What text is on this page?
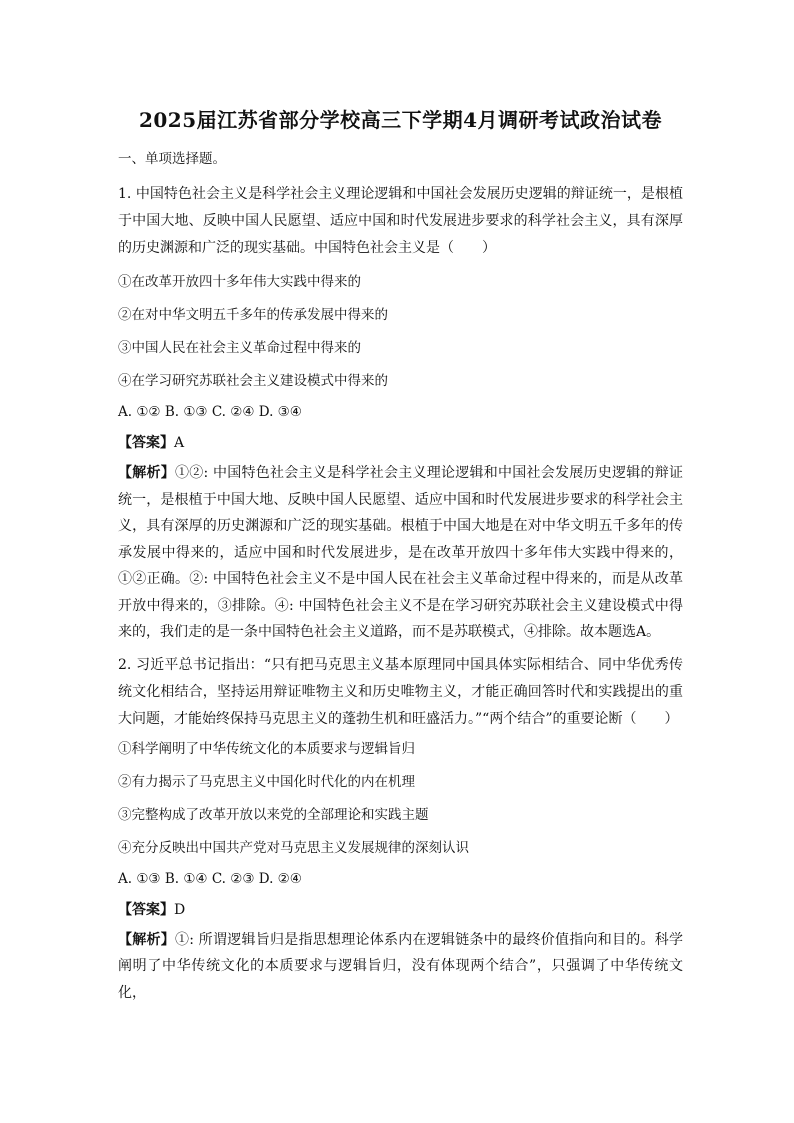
2025届江苏省部分学校高三下学期4月调研考试政治试卷

一、单项选择题。

1. 中国特色社会主义是科学社会主义理论逻辑和中国社会发展历史逻辑的辩证统一，是根植于中国大地、反映中国人民愿望、适应中国和时代发展进步要求的科学社会主义，具有深厚的历史渊源和广泛的现实基础。中国特色社会主义是（　　）

①在改革开放四十多年伟大实践中得来的

②在对中华文明五千多年的传承发展中得来的

③中国人民在社会主义革命过程中得来的

④在学习研究苏联社会主义建设模式中得来的

A. ①② B. ①③ C. ②④ D. ③④

【答案】A

【解析】①②: 中国特色社会主义是科学社会主义理论逻辑和中国社会发展历史逻辑的辩证统一，是根植于中国大地、反映中国人民愿望、适应中国和时代发展进步要求的科学社会主义，具有深厚的历史渊源和广泛的现实基础。根植于中国大地是在对中华文明五千多年的传承发展中得来的，适应中国和时代发展进步，是在改革开放四十多年伟大实践中得来的，①②正确。②: 中国特色社会主义不是中国人民在社会主义革命过程中得来的，而是从改革开放中得来的，③排除。④: 中国特色社会主义不是在学习研究苏联社会主义建设模式中得来的，我们走的是一条中国特色社会主义道路，而不是苏联模式，④排除。故本题选A。

2. 习近平总书记指出：“只有把马克思主义基本原理同中国具体实际相结合、同中华优秀传统文化相结合，坚持运用辩证唯物主义和历史唯物主义，才能正确回答时代和实践提出的重大问题，才能始终保持马克思主义的蓬勃生机和旺盛活力。”“两个结合”的重要论断（　　）

①科学阐明了中华传统文化的本质要求与逻辑旨归

②有力揭示了马克思主义中国化时代化的内在机理

③完整构成了改革开放以来党的全部理论和实践主题

④充分反映出中国共产党对马克思主义发展规律的深刻认识

A. ①③ B. ①④ C. ②③ D. ②④

【答案】D

【解析】①: 所谓逻辑旨归是指思想理论体系内在逻辑链条中的最终价值指向和目的。科学阐明了中华传统文化的本质要求与逻辑旨归，没有体现两个结合”，只强调了中华传统文化，
